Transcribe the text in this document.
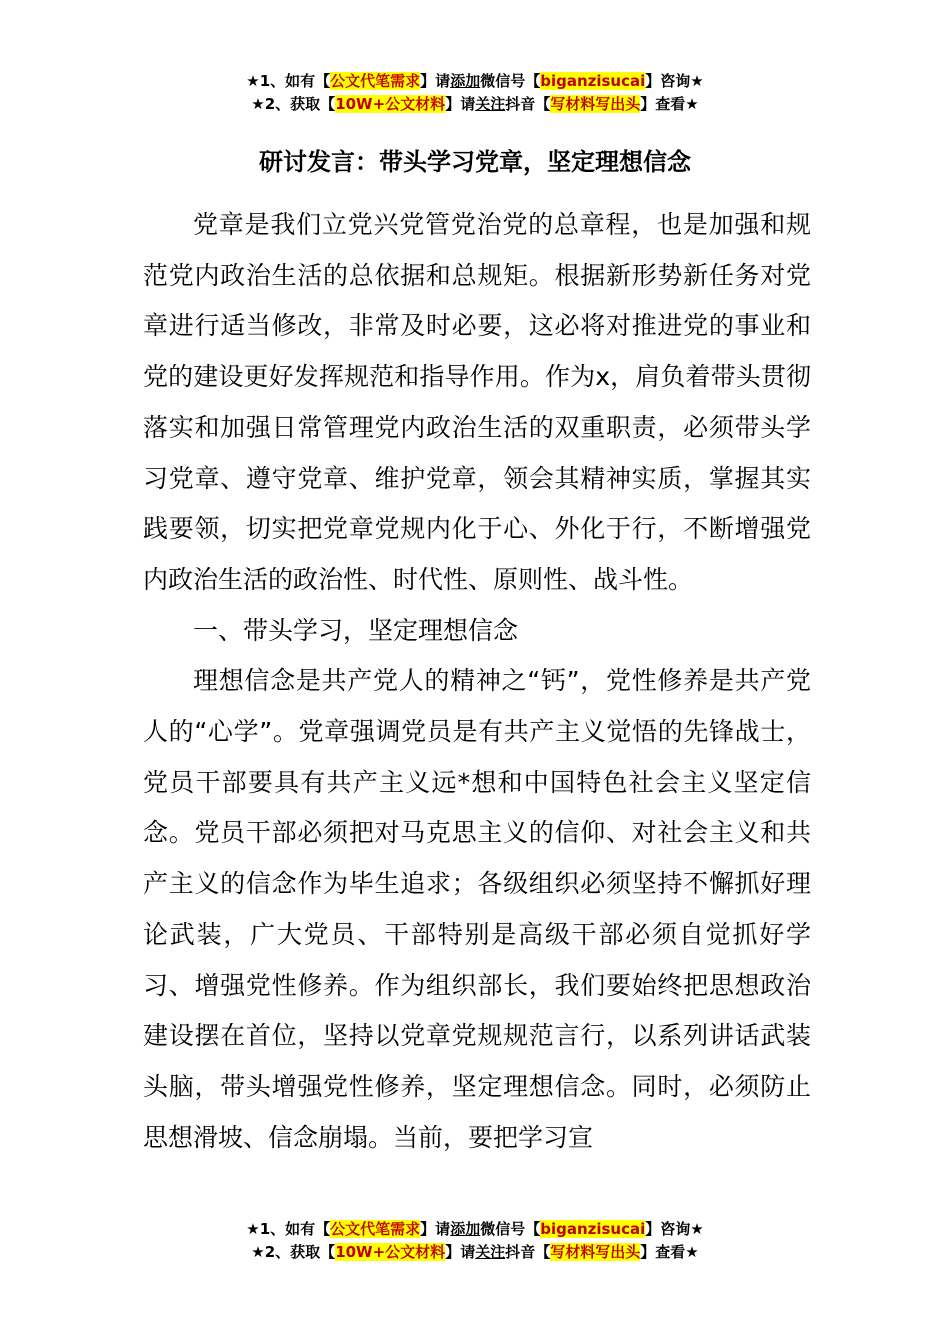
★1、如有【公文代笔需求】请添加微信号【biganzisucai】咨询★
★2、获取【10W+公文材料】请关注抖音【写材料写出头】查看★
研讨发言：带头学习党章，坚定理想信念

党章是我们立党兴党管党治党的总章程，也是加强和规范党内政治生活的总依据和总规矩。根据新形势新任务对党章进行适当修改，非常及时必要，这必将对推进党的事业和党的建设更好发挥规范和指导作用。作为x，肩负着带头贯彻落实和加强日常管理党内政治生活的双重职责，必须带头学习党章、遵守党章、维护党章，领会其精神实质，掌握其实践要领，切实把党章党规内化于心、外化于行，不断增强党内政治生活的政治性、时代性、原则性、战斗性。

一、带头学习，坚定理想信念

理想信念是共产党人的精神之“钙”，党性修养是共产党人的“心学”。党章强调党员是有共产主义觉悟的先锋战士，党员干部要具有共产主义远*想和中国特色社会主义坚定信念。党员干部必须把对马克思主义的信仰、对社会主义和共产主义的信念作为毕生追求；各级组织必须坚持不懈抓好理论武装，广大党员、干部特别是高级干部必须自觉抓好学习、增强党性修养。作为组织部长，我们要始终把思想政治建设摆在首位，坚持以党章党规规范言行，以系列讲话武装头脑，带头增强党性修养，坚定理想信念。同时，必须防止思想滑坡、信念崩塌。当前，要把学习宣

★1、如有【公文代笔需求】请添加微信号【biganzisucai】咨询★
★2、获取【10W+公文材料】请关注抖音【写材料写出头】查看★
